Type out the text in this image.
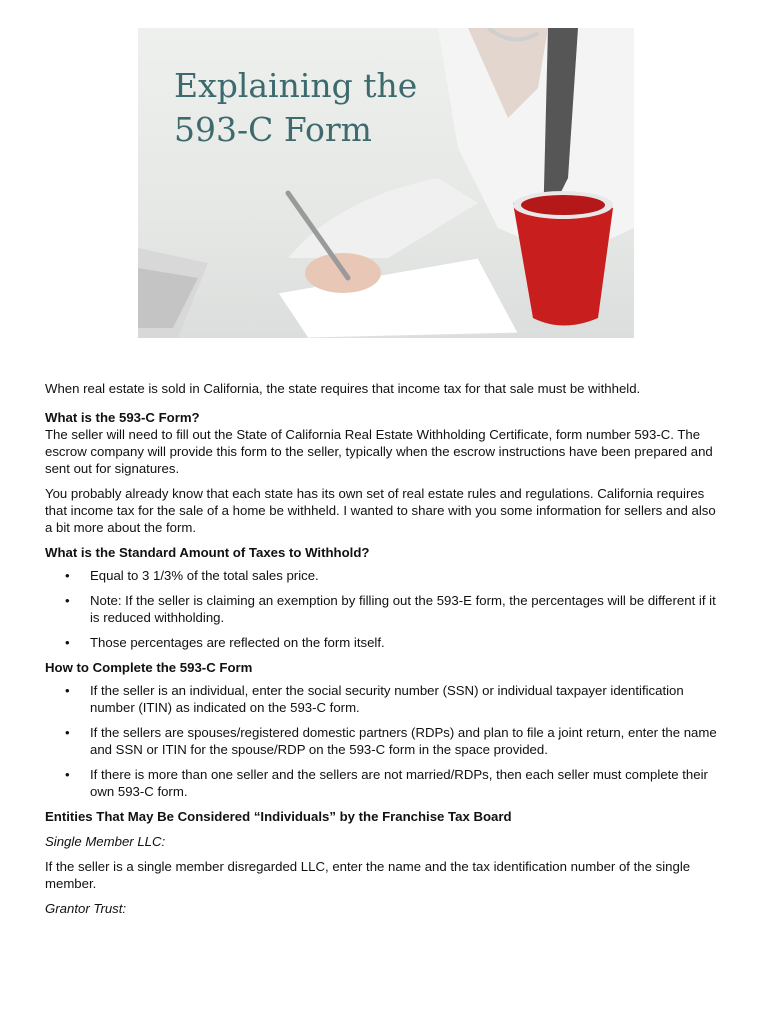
Explaining the
593-C Form

When real estate is sold in California, the state requires that income tax for that sale must be withheld.

What is the 593-C Form?

The seller will need to fill out the State of California Real Estate Withholding Certificate, form number 593-C. The escrow company will provide this form to the seller, typically when the escrow instructions have been prepared and sent out for signatures.

You probably already know that each state has its own set of real estate rules and regulations. California requires that income tax for the sale of a home be withheld. I wanted to share with you some information for sellers and also a bit more about the form.

What is the Standard Amount of Taxes to Withhold?
• Equal to 3 1/3% of the total sales price.
• Note: If the seller is claiming an exemption by filling out the 593-E form, the percentages will be different if it is reduced withholding.
• Those percentages are reflected on the form itself.
How to Complete the 593-C Form
• If the seller is an individual, enter the social security number (SSN) or individual taxpayer identification number (ITIN) as indicated on the 593-C form.
• If the sellers are spouses/registered domestic partners (RDPs) and plan to file a joint return, enter the name and SSN or ITIN for the spouse/RDP on the 593-C form in the space provided.
• If there is more than one seller and the sellers are not married/RDPs, then each seller must complete their own 593-C form.
Entities That May Be Considered “Individuals” by the Franchise Tax Board

Single Member LLC:

If the seller is a single member disregarded LLC, enter the name and the tax identification number of the single member.

Grantor Trust:
